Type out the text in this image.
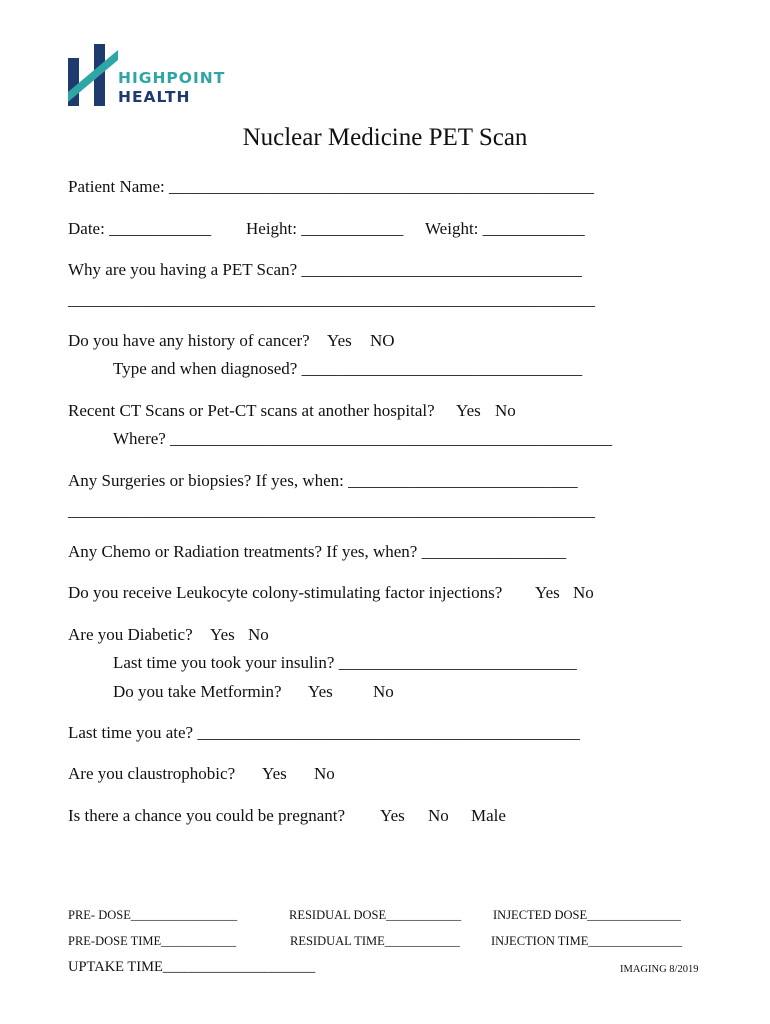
HIGHPOINT
HEALTH
Nuclear Medicine PET Scan
Patient Name: __________________________________________________
Date: ____________ Height: ____________ Weight: ____________
Why are you having a PET Scan? _________________________________
______________________________________________________________
Do you have any history of cancer? Yes NO
Type and when diagnosed? _________________________________
Recent CT Scans or Pet-CT scans at another hospital? Yes No
Where? ____________________________________________________
Any Surgeries or biopsies? If yes, when: ___________________________
______________________________________________________________
Any Chemo or Radiation treatments? If yes, when? _________________
Do you receive Leukocyte colony-stimulating factor injections? Yes No
Are you Diabetic? Yes No
Last time you took your insulin? ____________________________
Do you take Metformin? Yes No
Last time you ate? _____________________________________________
Are you claustrophobic? Yes No
Is there a chance you could be pregnant? Yes No Male
PRE- DOSE_________________	RESIDUAL DOSE____________	INJECTED DOSE_______________
PRE-DOSE TIME____________	RESIDUAL TIME____________ INJECTION TIME_______________
UPTAKE TIME_____________________	IMAGING 8/2019
